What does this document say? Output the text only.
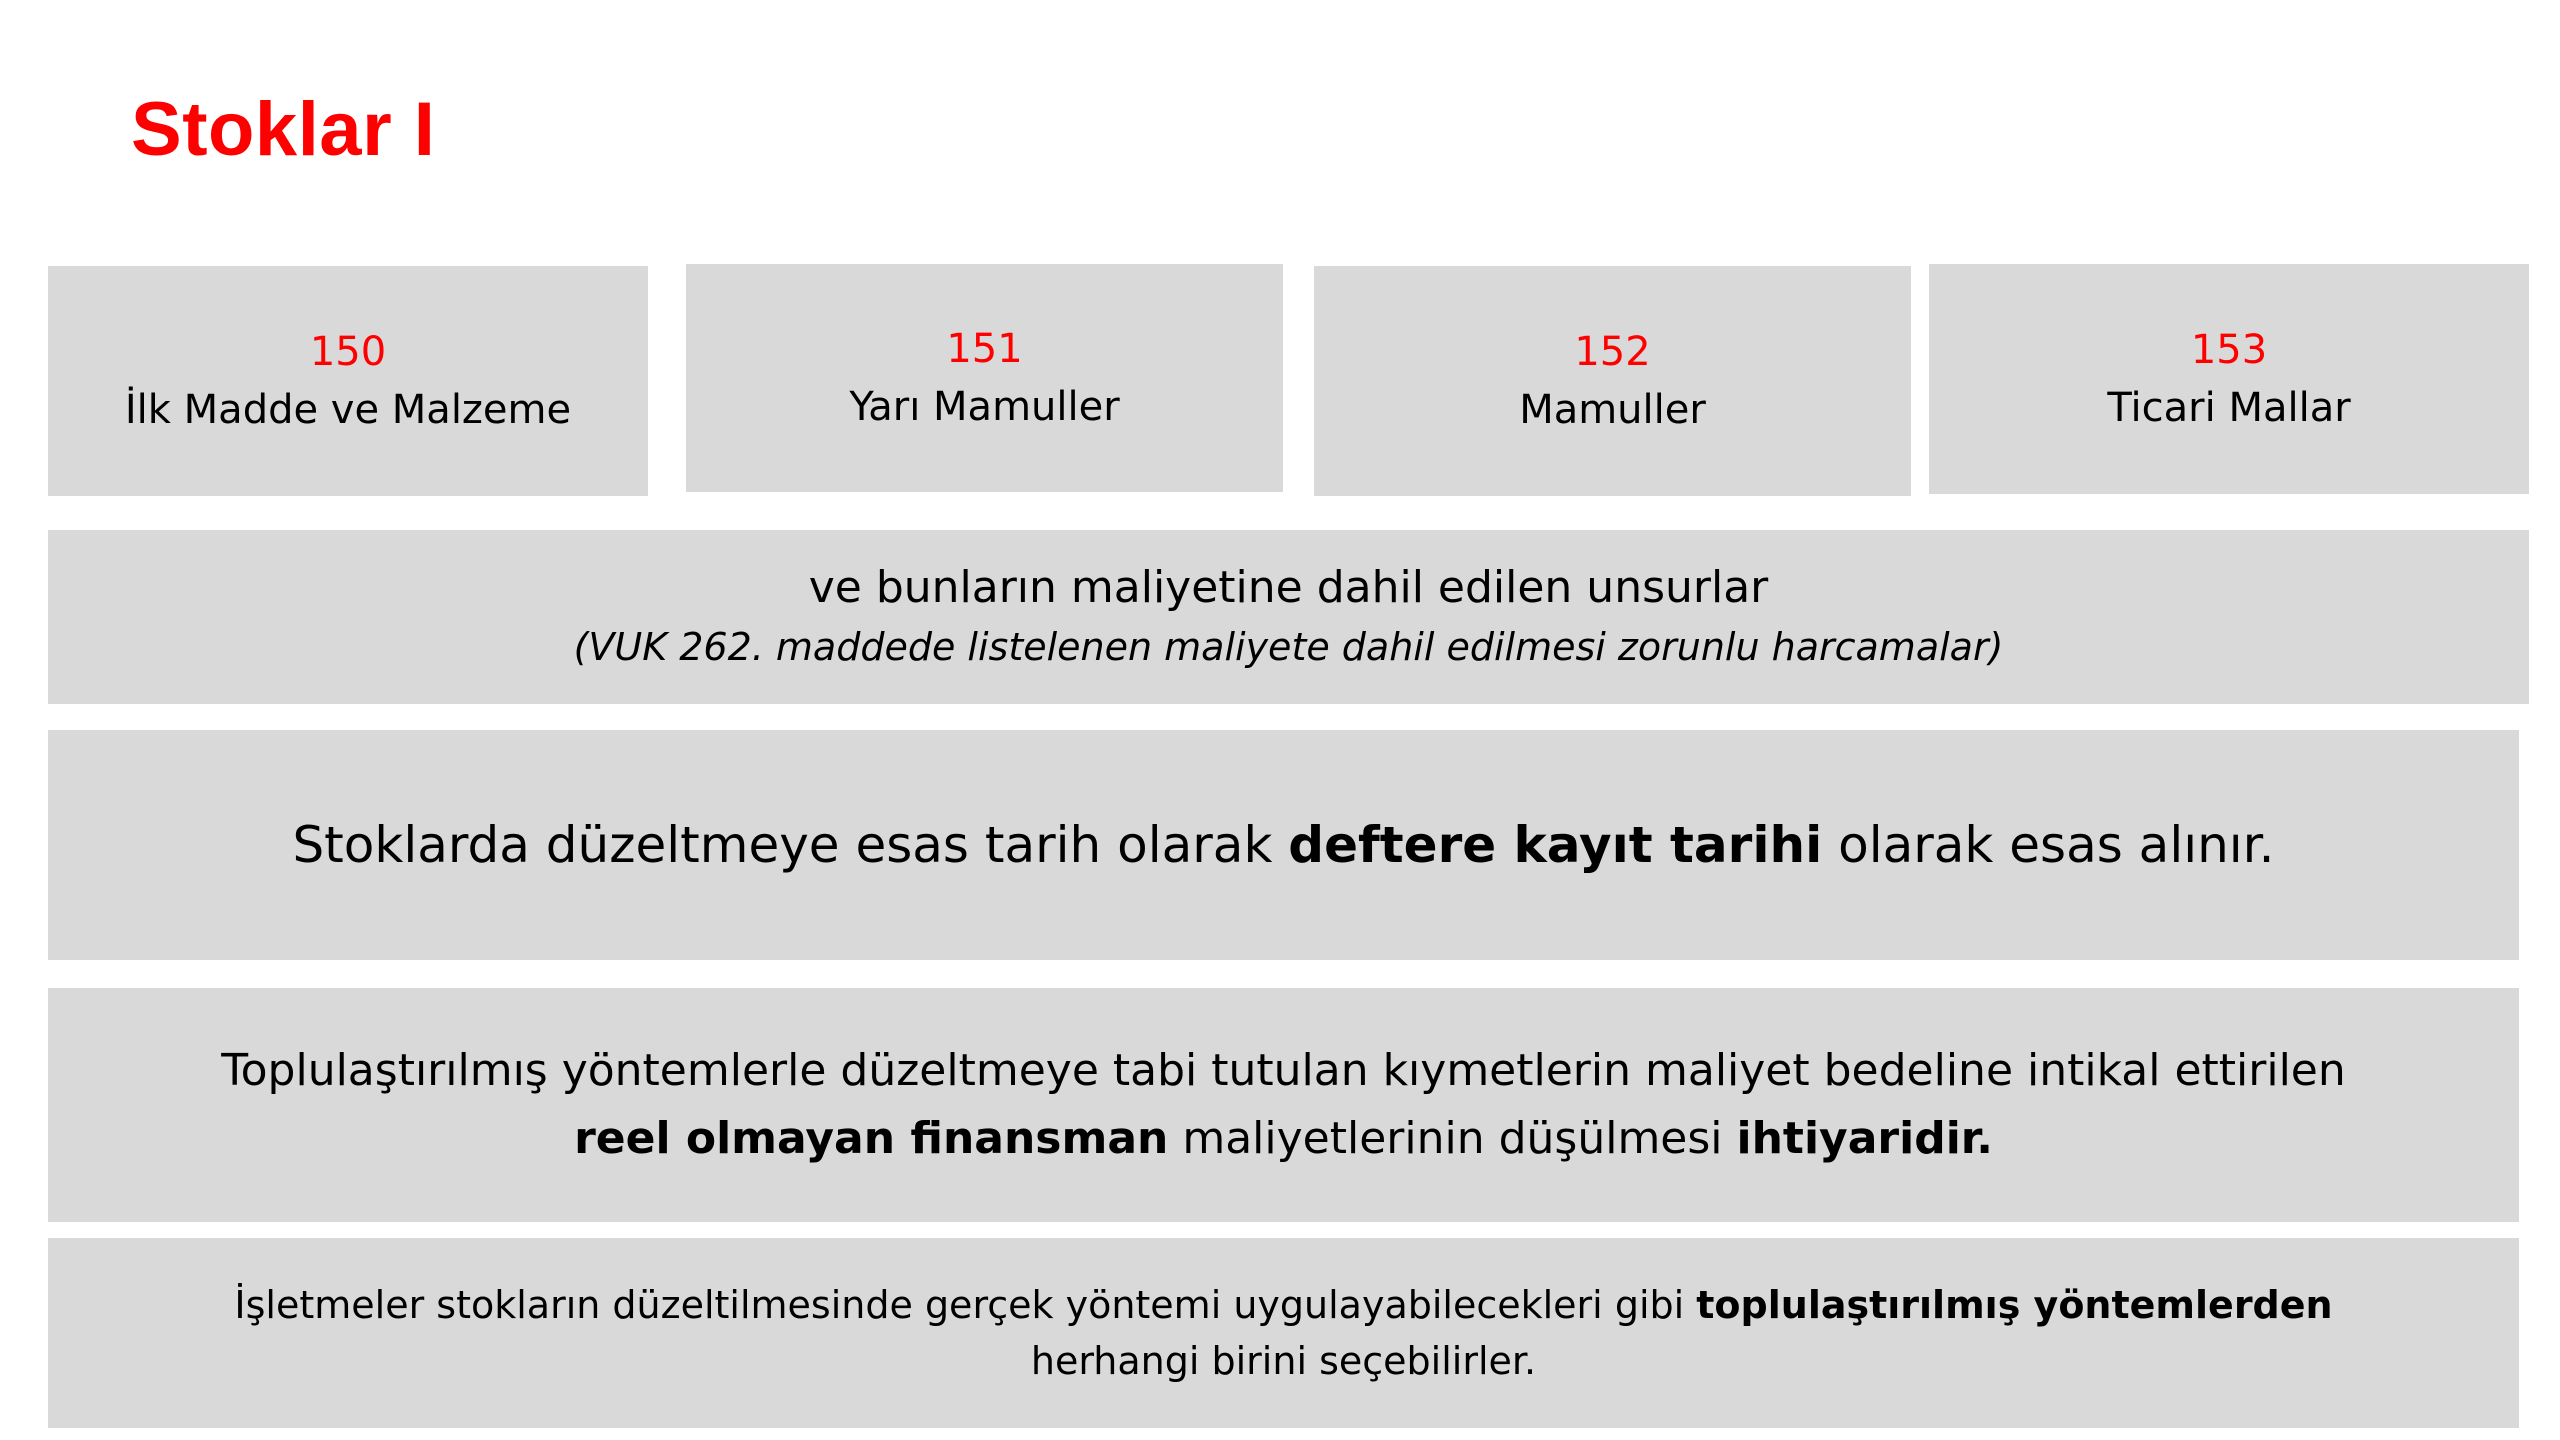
Stoklar I
150
İlk Madde ve Malzeme
151
Yarı Mamuller
152
Mamuller
153
Ticari Mallar
ve bunların maliyetine dahil edilen unsurlar
(VUK 262. maddede listelenen maliyete dahil edilmesi zorunlu harcamalar)
Stoklarda düzeltmeye esas tarih olarak deftere kayıt tarihi olarak esas alınır.
Toplulaştırılmış yöntemlerle düzeltmeye tabi tutulan kıymetlerin maliyet bedeline intikal ettirilen reel olmayan finansman maliyetlerinin düşülmesi ihtiyaridir.
İşletmeler stokların düzeltilmesinde gerçek yöntemi uygulayabilecekleri gibi toplulaştırılmış yöntemlerden herhangi birini seçebilirler.
